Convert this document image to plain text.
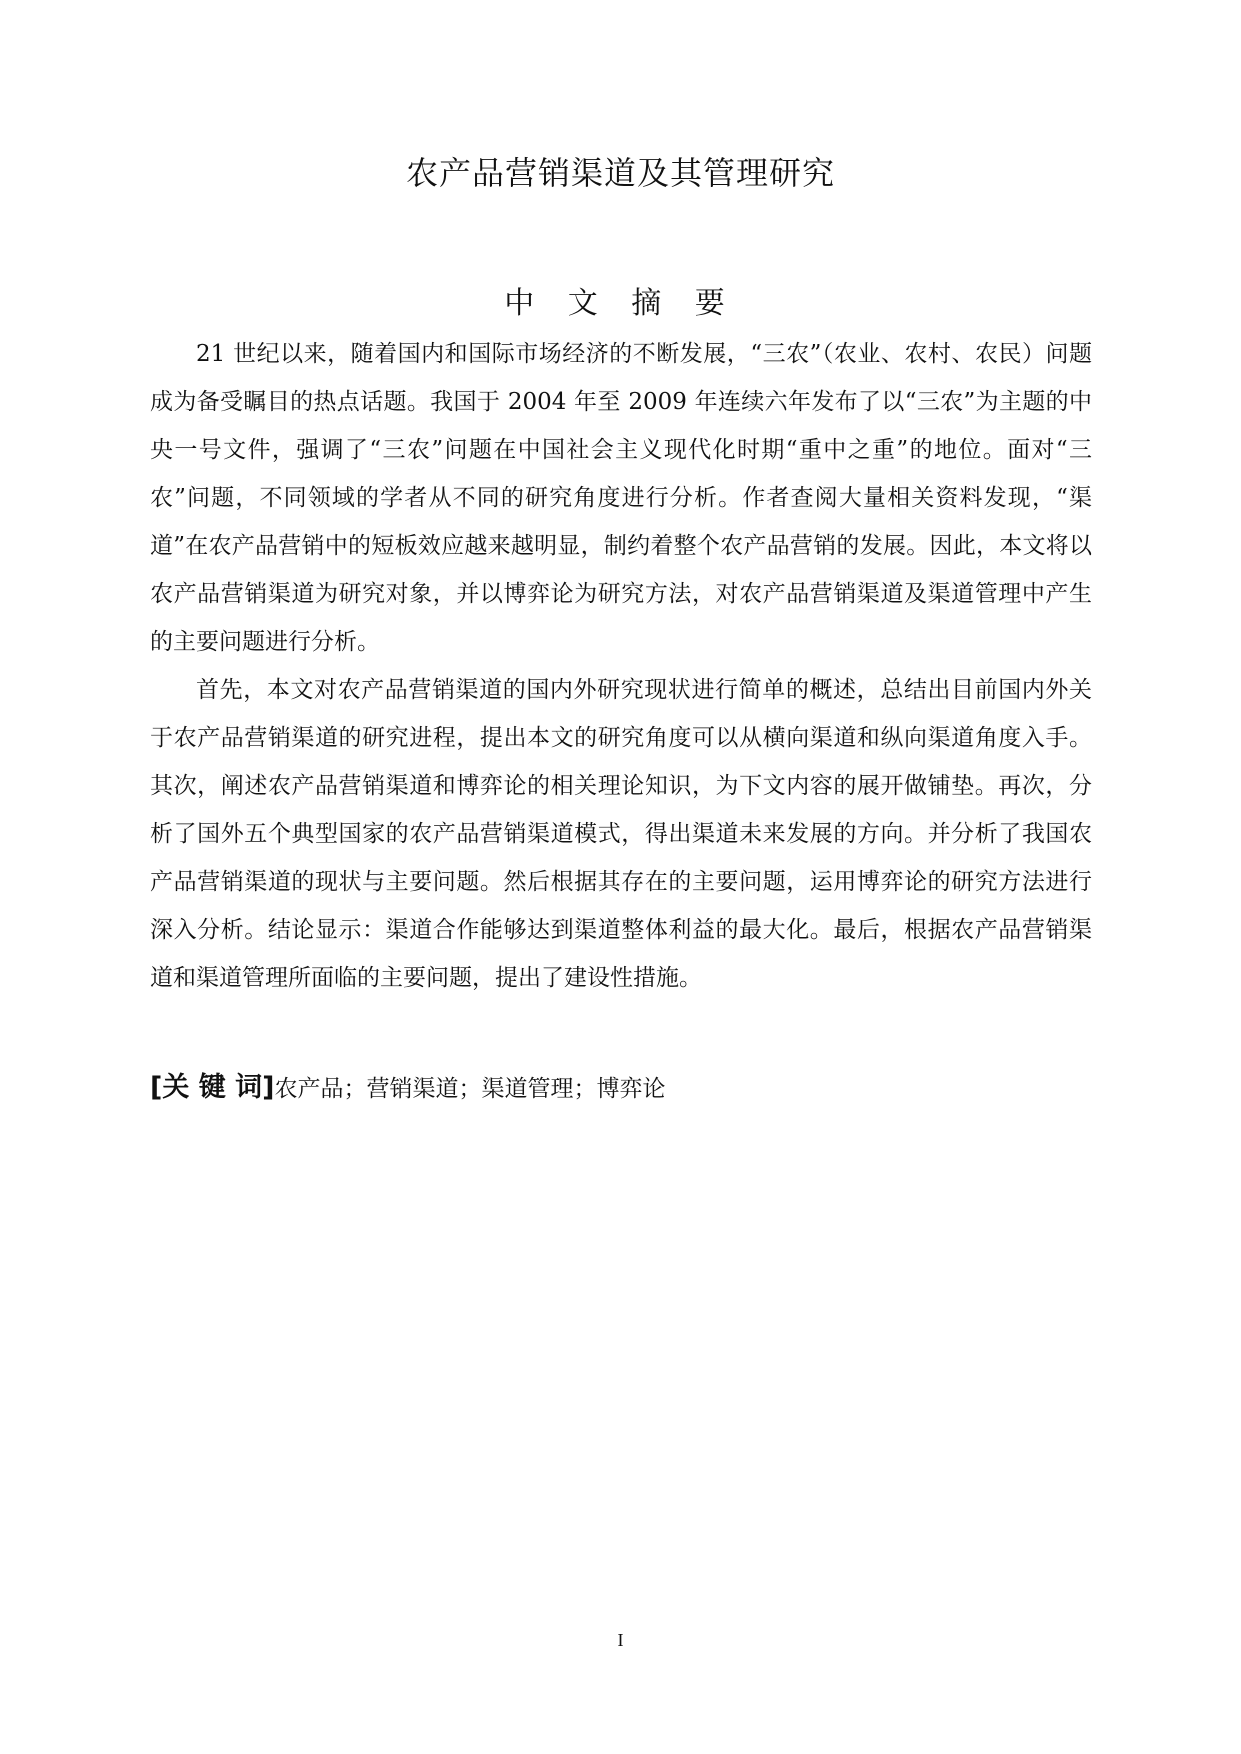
农产品营销渠道及其管理研究
中 文 摘 要

21 世纪以来，随着国内和国际市场经济的不断发展，“三农”（农业、农村、农民）问题成为备受瞩目的热点话题。我国于 2004 年至 2009 年连续六年发布了以“三农”为主题的中央一号文件，强调了“三农”问题在中国社会主义现代化时期“重中之重”的地位。面对“三农”问题，不同领域的学者从不同的研究角度进行分析。作者查阅大量相关资料发现，“渠道”在农产品营销中的短板效应越来越明显，制约着整个农产品营销的发展。因此，本文将以农产品营销渠道为研究对象，并以博弈论为研究方法，对农产品营销渠道及渠道管理中产生的主要问题进行分析。

首先，本文对农产品营销渠道的国内外研究现状进行简单的概述，总结出目前国内外关于农产品营销渠道的研究进程，提出本文的研究角度可以从横向渠道和纵向渠道角度入手。其次，阐述农产品营销渠道和博弈论的相关理论知识，为下文内容的展开做铺垫。再次，分析了国外五个典型国家的农产品营销渠道模式，得出渠道未来发展的方向。并分析了我国农产品营销渠道的现状与主要问题。然后根据其存在的主要问题，运用博弈论的研究方法进行深入分析。结论显示：渠道合作能够达到渠道整体利益的最大化。最后，根据农产品营销渠道和渠道管理所面临的主要问题，提出了建设性措施。

[关 键 词]农产品；营销渠道；渠道管理；博弈论
I
